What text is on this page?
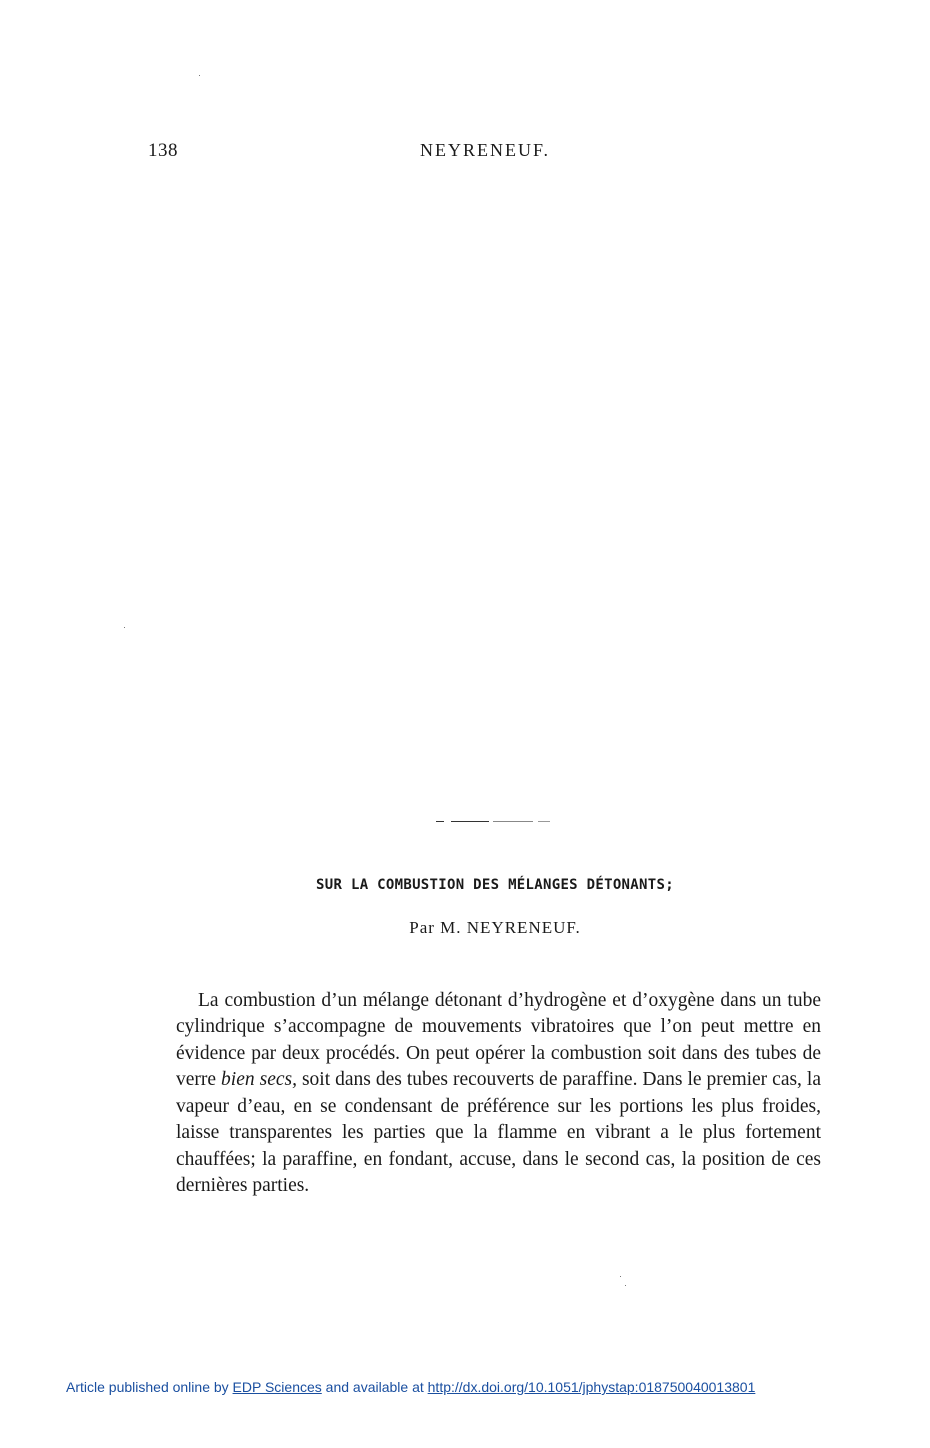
138	NEYRENEUF.
SUR LA COMBUSTION DES MÉLANGES DÉTONANTS;
Par M. NEYRENEUF.

La combustion d’un mélange détonant d’hydrogène et d’oxygène dans un tube cylindrique s’accompagne de mouvements vibratoires que l’on peut mettre en évidence par deux procédés. On peut opérer la combustion soit dans des tubes de verre bien secs, soit dans des tubes recouverts de paraffine. Dans le premier cas, la vapeur d’eau, en se condensant de préférence sur les portions les plus froides, laisse transparentes les parties que la flamme en vibrant a le plus fortement chauffées; la paraffine, en fondant, accuse, dans le second cas, la position de ces dernières parties.

Article published online by EDP Sciences and available at http://dx.doi.org/10.1051/jphystap:018750040013801
